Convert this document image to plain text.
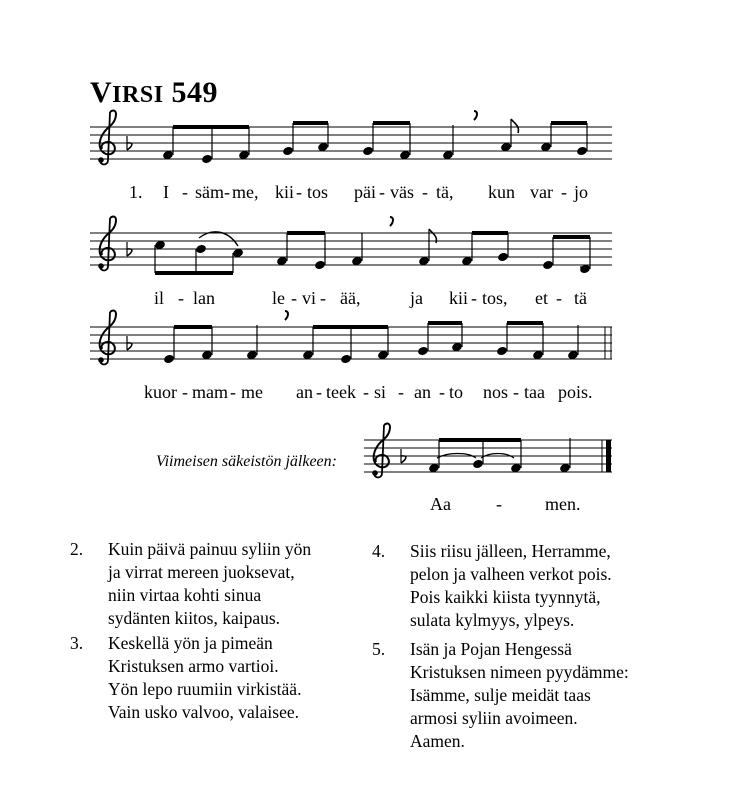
VIRSI 549
1. I - säm - me, kii - tos päi - väs - tä, kun var - jo
il - lan	le - vi - ää,	ja kii - tos, et - tä
kuor - mam - me an - teek - si - an - to nos - taa pois.
Aa	- men.
Viimeisen säkeistön jälkeen:
2. Kuin päivä painuu syliin yön
ja virrat mereen juoksevat,
niin virtaa kohti sinua
sydänten kiitos, kaipaus.
3. Keskellä yön ja pimeän
Kristuksen armo vartioi.
Yön lepo ruumiin virkistää.
Vain usko valvoo, valaisee.
4. Siis riisu jälleen, Herramme,
pelon ja valheen verkot pois.
Pois kaikki kiista tyynnytä,
sulata kylmyys, ylpeys.
5. Isän ja Pojan Hengessä
Kristuksen nimeen pyydämme:
Isämme, sulje meidät taas
armosi syliin avoimeen.
Aamen.
